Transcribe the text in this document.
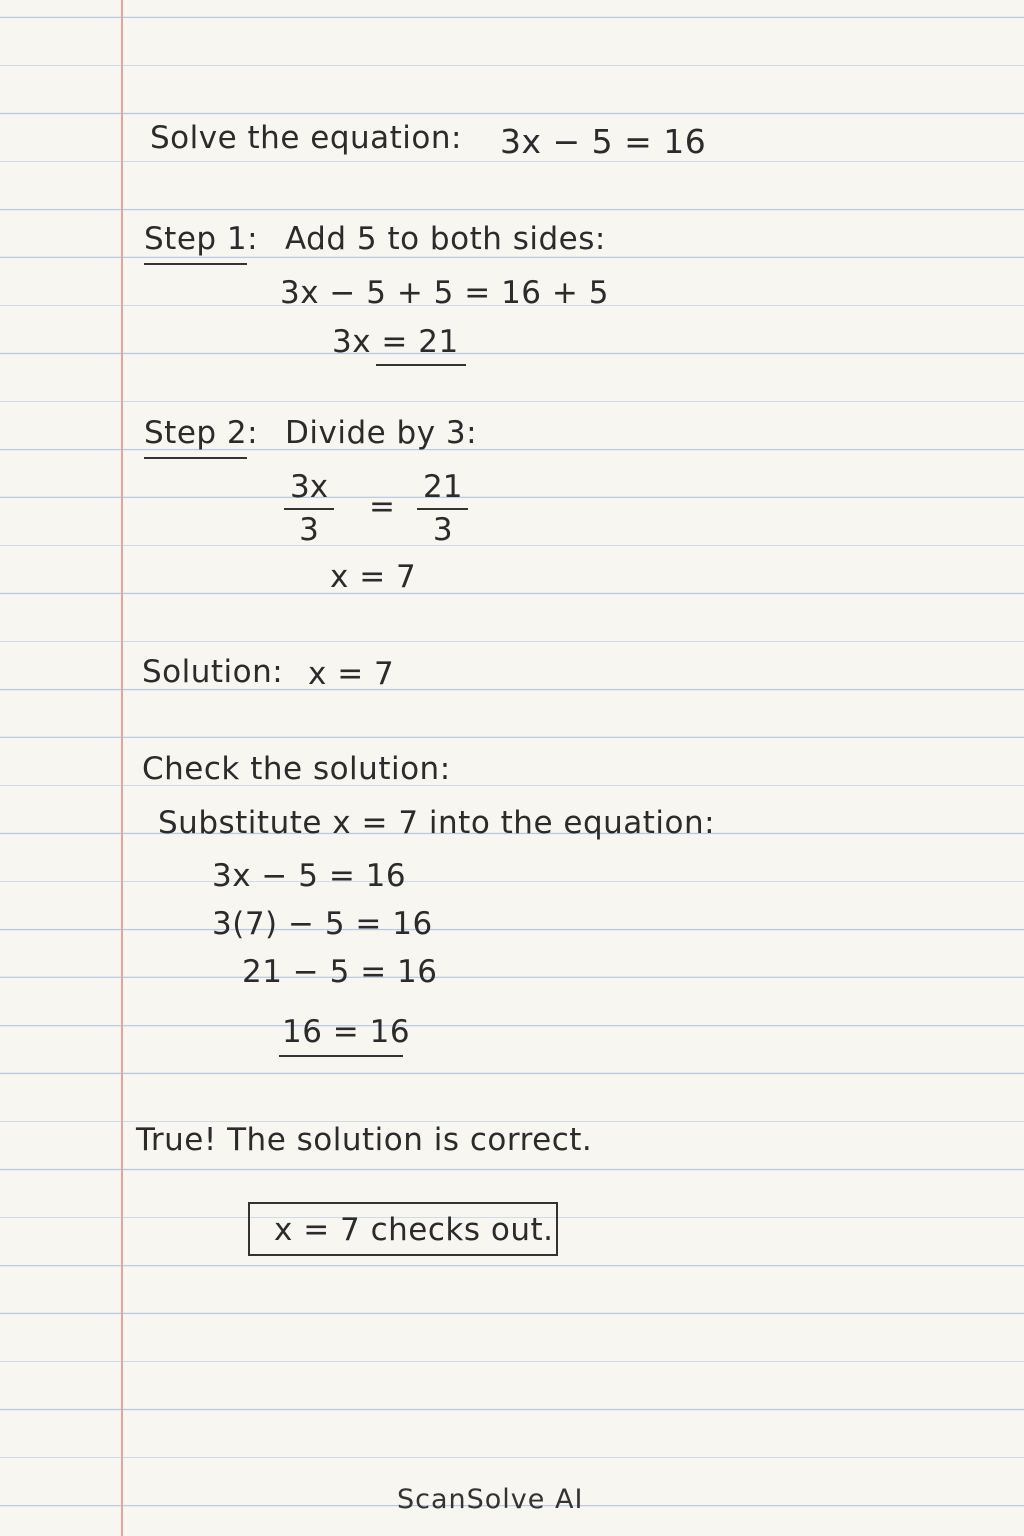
Solve the equation: 3x − 5 = 16
Step 1: Add 5 to both sides:
3x − 5 + 5 = 16 + 5
3x = 21
Step 2: Divide by 3:
$\frac{3x}{3} = \frac{21}{3}$
x = 7
Solution: x = 7
Check the solution:
Substitute x = 7 into the equation:
3x − 5 = 16
3(7) − 5 = 16
21 − 5 = 16
16 = 16
True! The solution is correct.
x = 7 checks out.
ScanSolve AI
